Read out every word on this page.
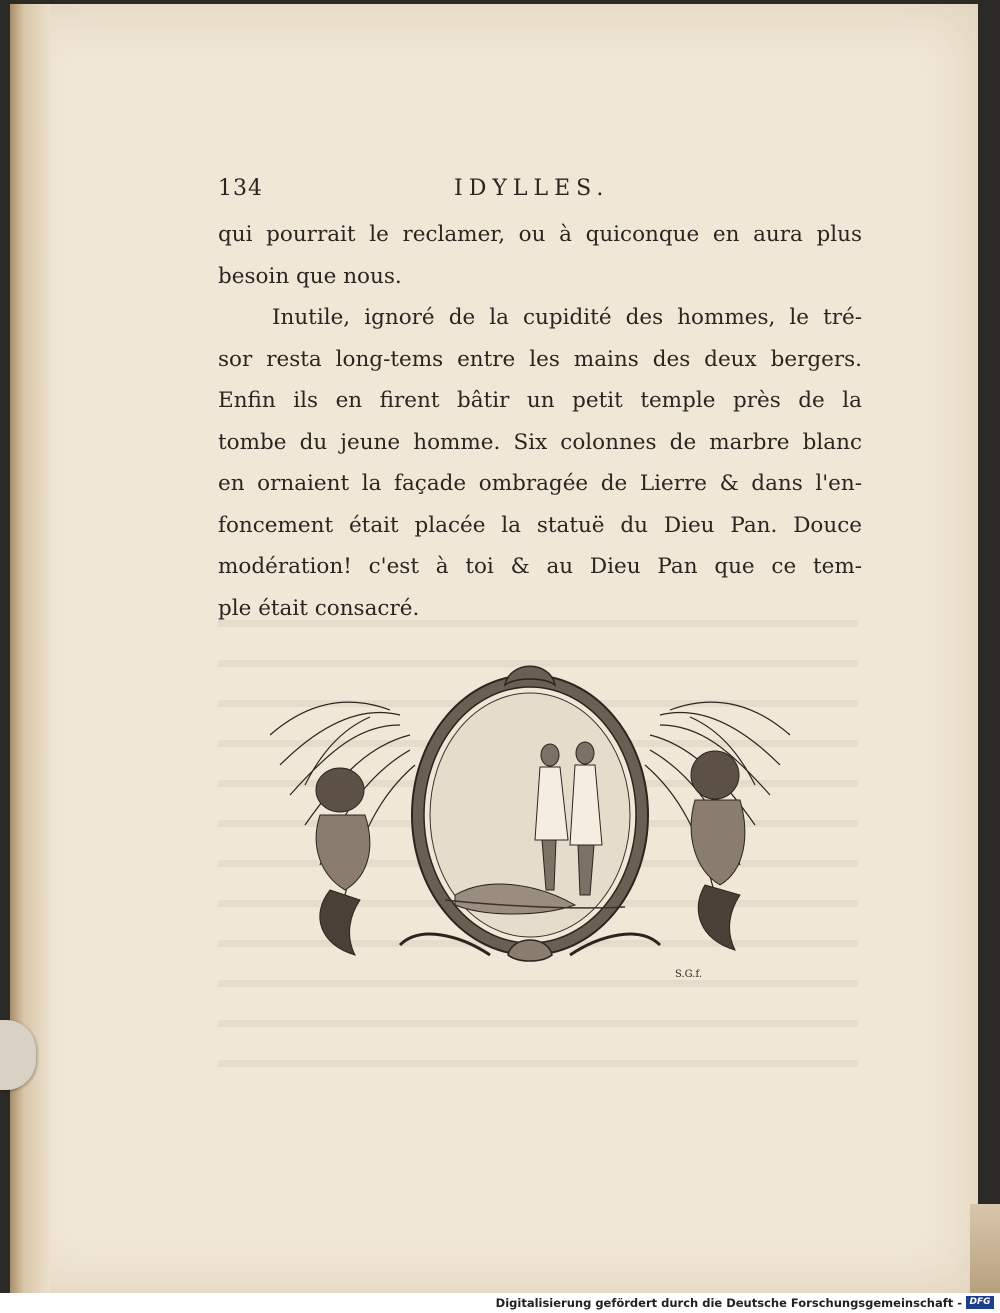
134	IDYLLES.
qui pourrait le reclamer, ou à quiconque en aura plus
besoin que nous.
Inutile, ignoré de la cupidité des hommes, le tré-
sor resta long-tems entre les mains des deux bergers.
Enfin ils en firent bâtir un petit temple près de la
tombe du jeune homme. Six colonnes de marbre blanc
en ornaient la façade ombragée de Lierre & dans l'en-
foncement était placée la statuë du Dieu Pan. Douce
modération! c'est à toi & au Dieu Pan que ce tem-
ple était consacré.
S.G.f.
Digitalisierung gefördert durch die Deutsche Forschungsgemeinschaft - DFG
